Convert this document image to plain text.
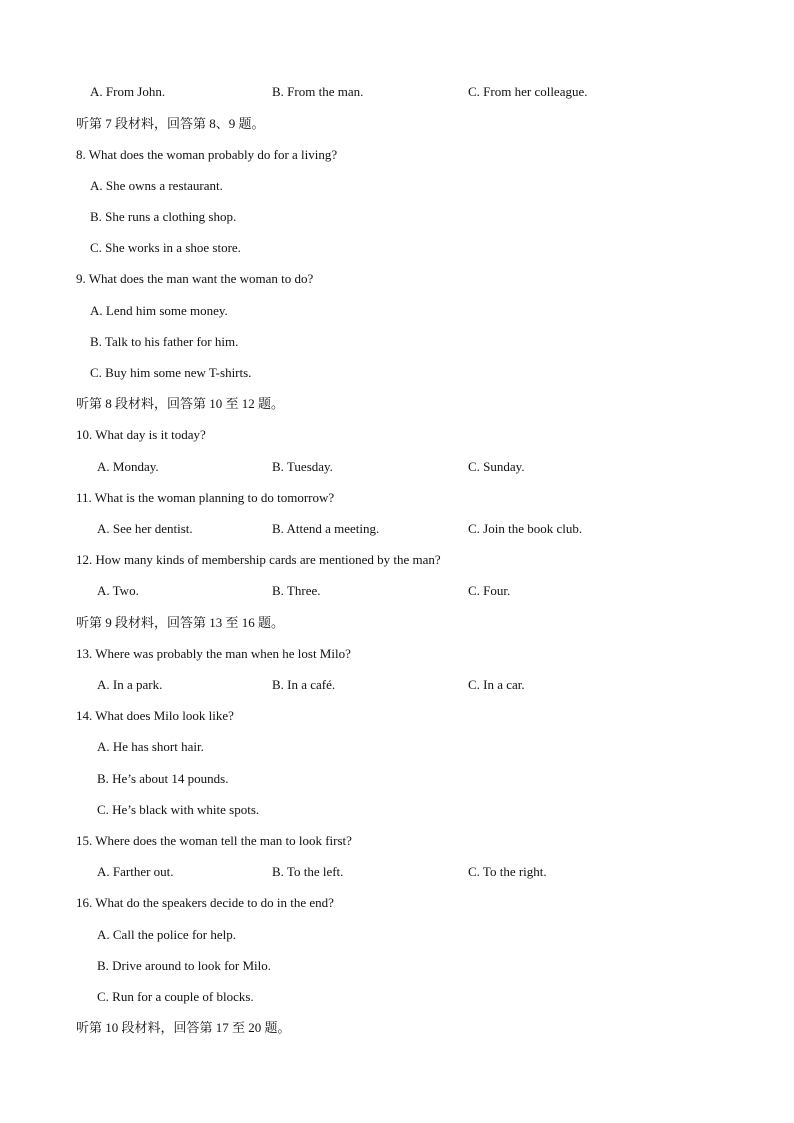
A. From John.	B. From the man.	C. From her colleague.
听第 7 段材料，回答第 8、9 题。
8. What does the woman probably do for a living?
A. She owns a restaurant.
B. She runs a clothing shop.
C. She works in a shoe store.
9. What does the man want the woman to do?
A. Lend him some money.
B. Talk to his father for him.
C. Buy him some new T-shirts.
听第 8 段材料，回答第 10 至 12 题。
10. What day is it today?
A. Monday.	B. Tuesday.	C. Sunday.
11. What is the woman planning to do tomorrow?
A. See her dentist.	B. Attend a meeting.	C. Join the book club.
12. How many kinds of membership cards are mentioned by the man?
A. Two.	B. Three.	C. Four.
听第 9 段材料，回答第 13 至 16 题。
13. Where was probably the man when he lost Milo?
A. In a park.	B. In a café.	C. In a car.
14. What does Milo look like?
A. He has short hair.
B. He’s about 14 pounds.
C. He’s black with white spots.
15. Where does the woman tell the man to look first?
A. Farther out.	B. To the left.	C. To the right.
16. What do the speakers decide to do in the end?
A. Call the police for help.
B. Drive around to look for Milo.
C. Run for a couple of blocks.
听第 10 段材料，回答第 17 至 20 题。
